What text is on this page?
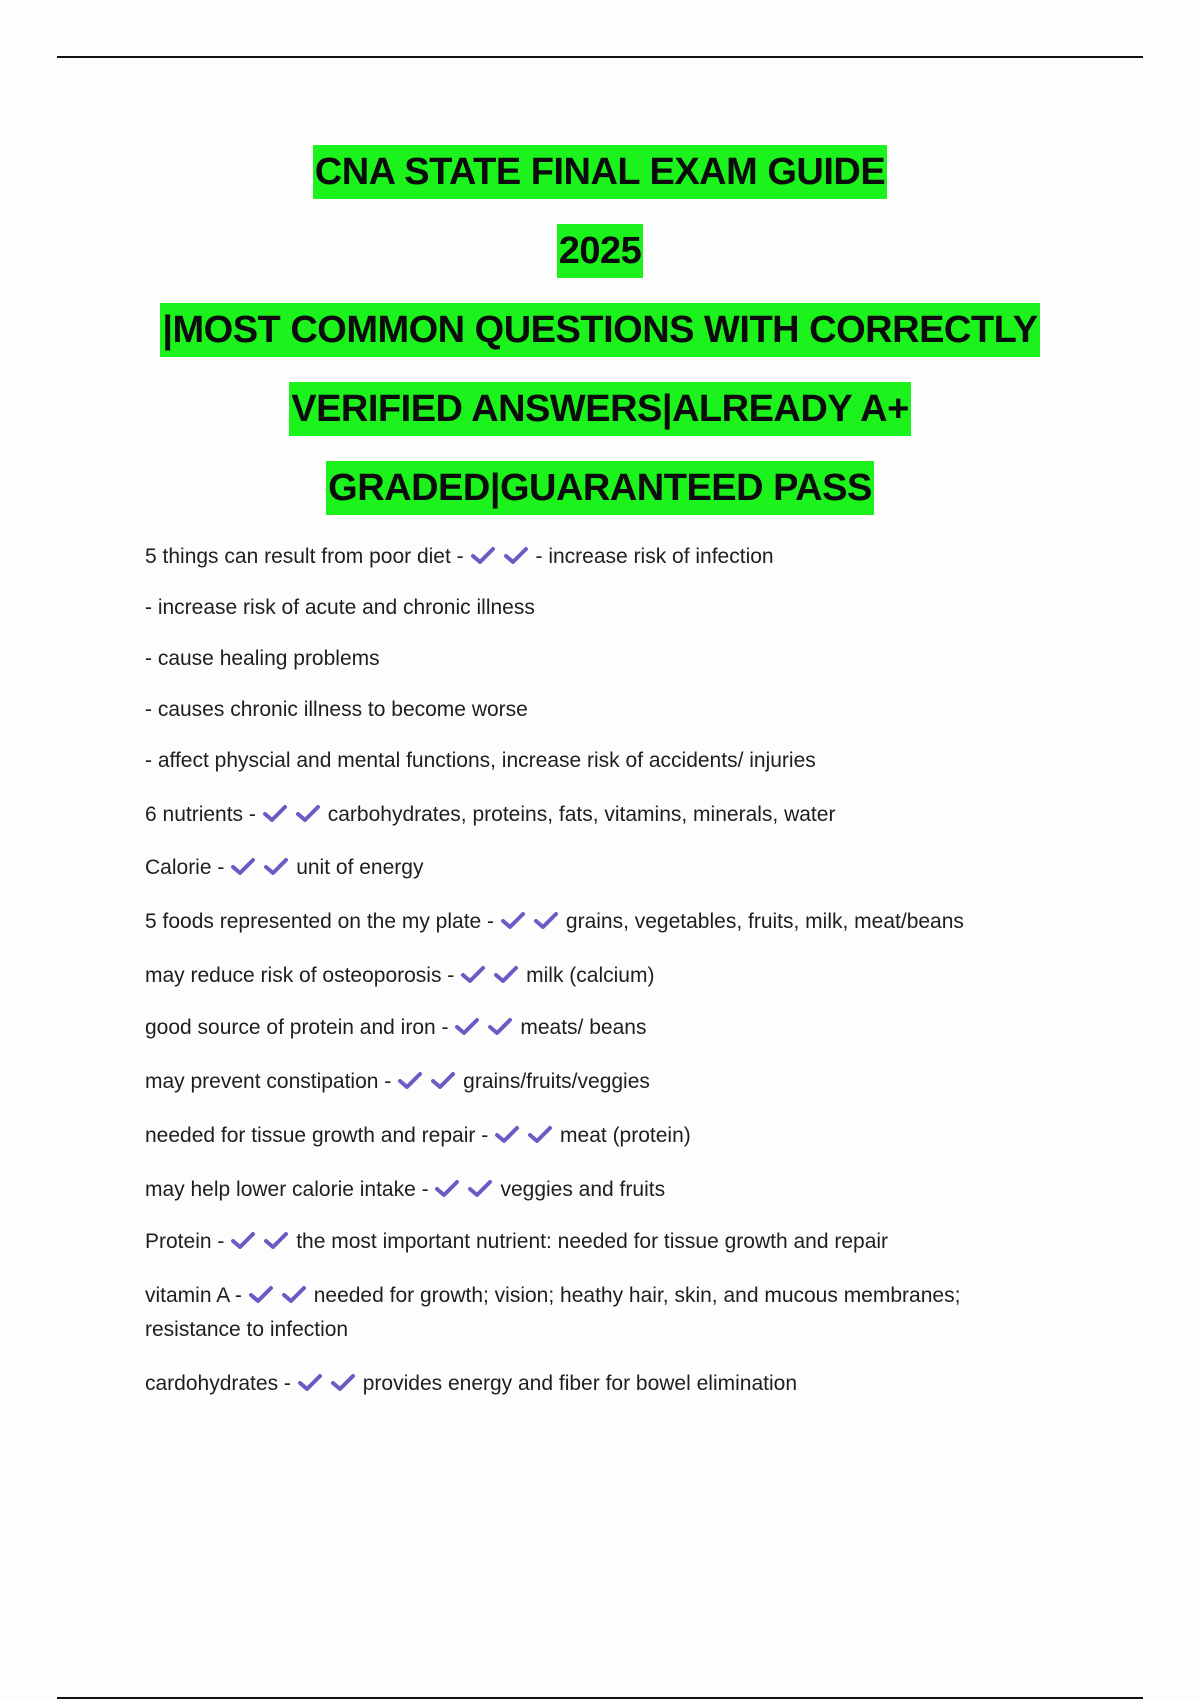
CNA STATE FINAL EXAM GUIDE
2025
|MOST COMMON QUESTIONS WITH CORRECTLY
VERIFIED ANSWERS|ALREADY A+
GRADED|GUARANTEED PASS

5 things can result from poor diet -	- increase risk of infection

- increase risk of acute and chronic illness

- cause healing problems

- causes chronic illness to become worse

- affect physcial and mental functions, increase risk of accidents/ injuries

6 nutrients -	carbohydrates, proteins, fats, vitamins, minerals, water

Calorie -	unit of energy

5 foods represented on the my plate -	grains, vegetables, fruits, milk, meat/beans

may reduce risk of osteoporosis -	milk (calcium)

good source of protein and iron -	meats/ beans

may prevent constipation -	grains/fruits/veggies

needed for tissue growth and repair -	meat (protein)

may help lower calorie intake -	veggies and fruits

Protein -	the most important nutrient: needed for tissue growth and repair

vitamin A -	needed for growth; vision; heathy hair, skin, and mucous membranes;
resistance to infection

cardohydrates -	provides energy and fiber for bowel elimination
